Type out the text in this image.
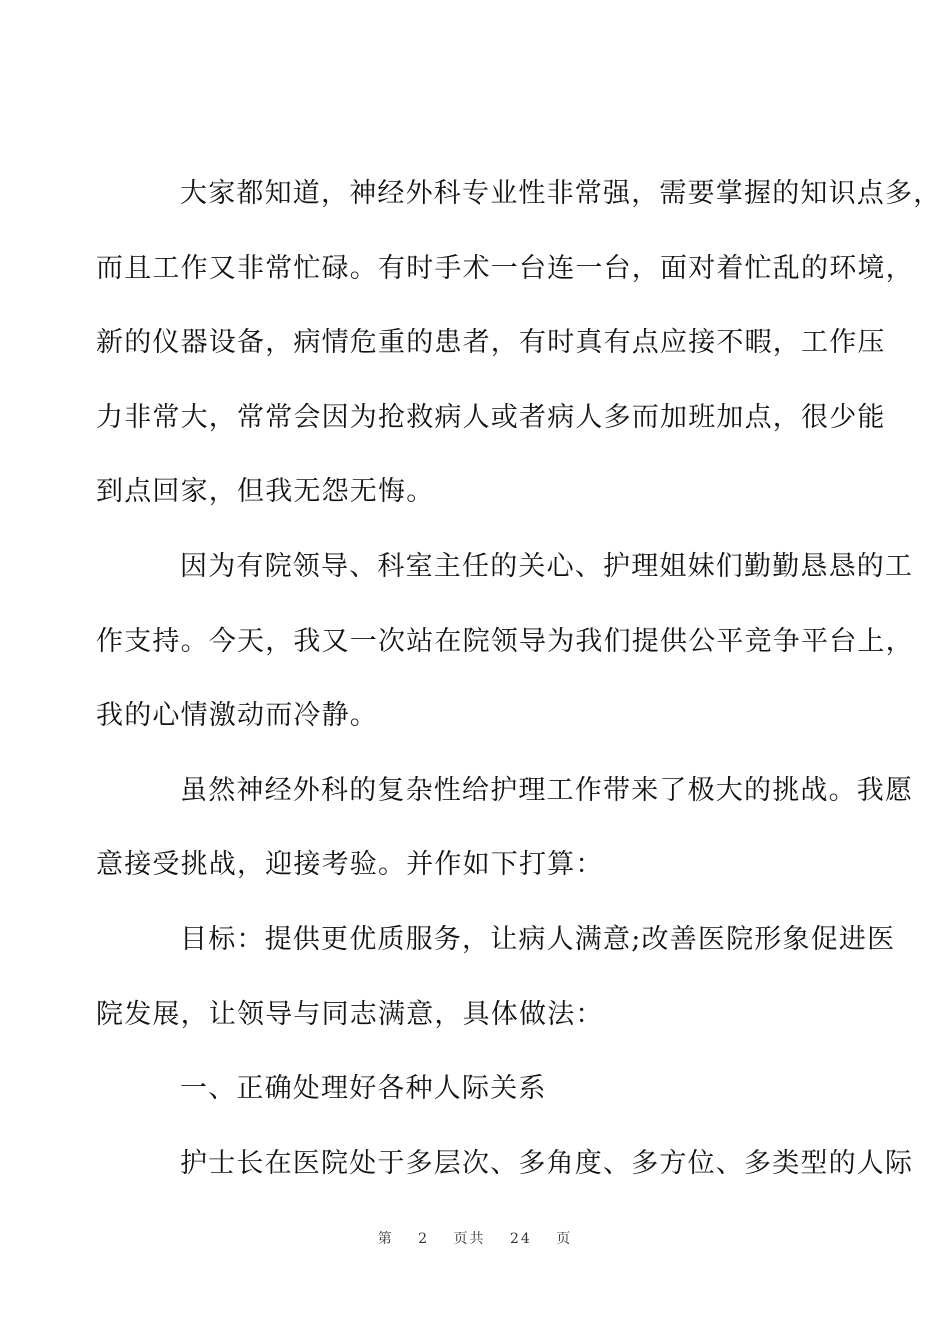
大家都知道，神经外科专业性非常强，需要掌握的知识点多，
而且工作又非常忙碌。有时手术一台连一台，面对着忙乱的环境，
新的仪器设备，病情危重的患者，有时真有点应接不暇，工作压
力非常大，常常会因为抢救病人或者病人多而加班加点，很少能
到点回家，但我无怨无悔。
因为有院领导、科室主任的关心、护理姐妹们勤勤恳恳的工
作支持。今天，我又一次站在院领导为我们提供公平竞争平台上，
我的心情激动而冷静。
虽然神经外科的复杂性给护理工作带来了极大的挑战。我愿
意接受挑战，迎接考验。并作如下打算：
目标：提供更优质服务，让病人满意;改善医院形象促进医
院发展，让领导与同志满意，具体做法：
一、正确处理好各种人际关系
护士长在医院处于多层次、多角度、多方位、多类型的人际
第 2 页共 24 页
